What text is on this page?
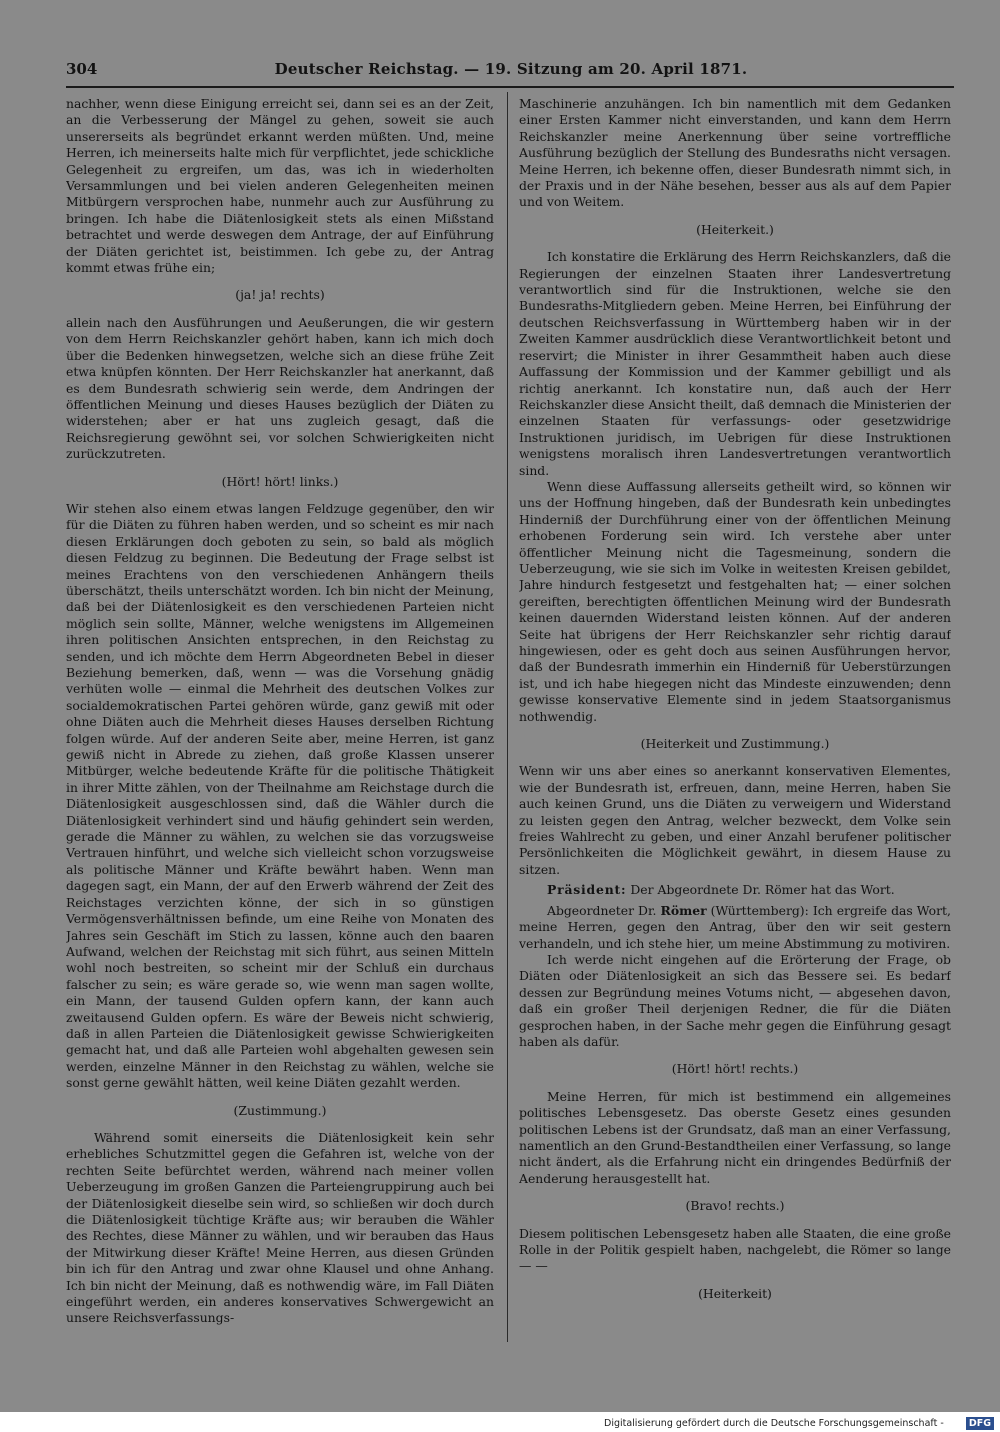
304	Deutscher Reichstag. — 19. Sitzung am 20. April 1871.

nachher, wenn diese Einigung erreicht sei, dann sei es an der Zeit, an die Verbesserung der Mängel zu gehen, soweit sie auch unsererseits als begründet erkannt werden müßten. Und, meine Herren, ich meinerseits halte mich für verpflichtet, jede schickliche Gelegenheit zu ergreifen, um das, was ich in wiederholten Versammlungen und bei vielen anderen Gelegenheiten meinen Mitbürgern versprochen habe, nunmehr auch zur Ausführung zu bringen. Ich habe die Diätenlosigkeit stets als einen Mißstand betrachtet und werde deswegen dem Antrage, der auf Einführung der Diäten gerichtet ist, beistimmen. Ich gebe zu, der Antrag kommt etwas frühe ein;

(ja! ja! rechts)

allein nach den Ausführungen und Aeußerungen, die wir gestern von dem Herrn Reichskanzler gehört haben, kann ich mich doch über die Bedenken hinwegsetzen, welche sich an diese frühe Zeit etwa knüpfen könnten. Der Herr Reichskanzler hat anerkannt, daß es dem Bundesrath schwierig sein werde, dem Andringen der öffentlichen Meinung und dieses Hauses bezüglich der Diäten zu widerstehen; aber er hat uns zugleich gesagt, daß die Reichsregierung gewöhnt sei, vor solchen Schwierigkeiten nicht zurückzutreten.

(Hört! hört! links.)

Wir stehen also einem etwas langen Feldzuge gegenüber, den wir für die Diäten zu führen haben werden, und so scheint es mir nach diesen Erklärungen doch geboten zu sein, so bald als möglich diesen Feldzug zu beginnen. Die Bedeutung der Frage selbst ist meines Erachtens von den verschiedenen Anhängern theils überschätzt, theils unterschätzt worden. Ich bin nicht der Meinung, daß bei der Diätenlosigkeit es den verschiedenen Parteien nicht möglich sein sollte, Männer, welche wenigstens im Allgemeinen ihren politischen Ansichten entsprechen, in den Reichstag zu senden, und ich möchte dem Herrn Abgeordneten Bebel in dieser Beziehung bemerken, daß, wenn — was die Vorsehung gnädig verhüten wolle — einmal die Mehrheit des deutschen Volkes zur socialdemokratischen Partei gehören würde, ganz gewiß mit oder ohne Diäten auch die Mehrheit dieses Hauses derselben Richtung folgen würde. Auf der anderen Seite aber, meine Herren, ist ganz gewiß nicht in Abrede zu ziehen, daß große Klassen unserer Mitbürger, welche bedeutende Kräfte für die politische Thätigkeit in ihrer Mitte zählen, von der Theilnahme am Reichstage durch die Diätenlosigkeit ausgeschlossen sind, daß die Wähler durch die Diätenlosigkeit verhindert sind und häufig gehindert sein werden, gerade die Männer zu wählen, zu welchen sie das vorzugsweise Vertrauen hinführt, und welche sich vielleicht schon vorzugsweise als politische Männer und Kräfte bewährt haben. Wenn man dagegen sagt, ein Mann, der auf den Erwerb während der Zeit des Reichstages verzichten könne, der sich in so günstigen Vermögensverhältnissen befinde, um eine Reihe von Monaten des Jahres sein Geschäft im Stich zu lassen, könne auch den baaren Aufwand, welchen der Reichstag mit sich führt, aus seinen Mitteln wohl noch bestreiten, so scheint mir der Schluß ein durchaus falscher zu sein; es wäre gerade so, wie wenn man sagen wollte, ein Mann, der tausend Gulden opfern kann, der kann auch zweitausend Gulden opfern. Es wäre der Beweis nicht schwierig, daß in allen Parteien die Diätenlosigkeit gewisse Schwierigkeiten gemacht hat, und daß alle Parteien wohl abgehalten gewesen sein werden, einzelne Männer in den Reichstag zu wählen, welche sie sonst gerne gewählt hätten, weil keine Diäten gezahlt werden.

(Zustimmung.)

Während somit einerseits die Diätenlosigkeit kein sehr erhebliches Schutzmittel gegen die Gefahren ist, welche von der rechten Seite befürchtet werden, während nach meiner vollen Ueberzeugung im großen Ganzen die Parteiengruppirung auch bei der Diätenlosigkeit dieselbe sein wird, so schließen wir doch durch die Diätenlosigkeit tüchtige Kräfte aus; wir berauben die Wähler des Rechtes, diese Männer zu wählen, und wir berauben das Haus der Mitwirkung dieser Kräfte! Meine Herren, aus diesen Gründen bin ich für den Antrag und zwar ohne Klausel und ohne Anhang. Ich bin nicht der Meinung, daß es nothwendig wäre, im Fall Diäten eingeführt werden, ein anderes konservatives Schwergewicht an unsere Reichsverfassungs-

Maschinerie anzuhängen. Ich bin namentlich mit dem Gedanken einer Ersten Kammer nicht einverstanden, und kann dem Herrn Reichskanzler meine Anerkennung über seine vortreffliche Ausführung bezüglich der Stellung des Bundesraths nicht versagen. Meine Herren, ich bekenne offen, dieser Bundesrath nimmt sich, in der Praxis und in der Nähe besehen, besser aus als auf dem Papier und von Weitem.

(Heiterkeit.)

Ich konstatire die Erklärung des Herrn Reichskanzlers, daß die Regierungen der einzelnen Staaten ihrer Landesvertretung verantwortlich sind für die Instruktionen, welche sie den Bundesraths-Mitgliedern geben. Meine Herren, bei Einführung der deutschen Reichsverfassung in Württemberg haben wir in der Zweiten Kammer ausdrücklich diese Verantwortlichkeit betont und reservirt; die Minister in ihrer Gesammtheit haben auch diese Auffassung der Kommission und der Kammer gebilligt und als richtig anerkannt. Ich konstatire nun, daß auch der Herr Reichskanzler diese Ansicht theilt, daß demnach die Ministerien der einzelnen Staaten für verfassungs- oder gesetzwidrige Instruktionen juridisch, im Uebrigen für diese Instruktionen wenigstens moralisch ihren Landesvertretungen verantwortlich sind.

Wenn diese Auffassung allerseits getheilt wird, so können wir uns der Hoffnung hingeben, daß der Bundesrath kein unbedingtes Hinderniß der Durchführung einer von der öffentlichen Meinung erhobenen Forderung sein wird. Ich verstehe aber unter öffentlicher Meinung nicht die Tagesmeinung, sondern die Ueberzeugung, wie sie sich im Volke in weitesten Kreisen gebildet, Jahre hindurch festgesetzt und festgehalten hat; — einer solchen gereiften, berechtigten öffentlichen Meinung wird der Bundesrath keinen dauernden Widerstand leisten können. Auf der anderen Seite hat übrigens der Herr Reichskanzler sehr richtig darauf hingewiesen, oder es geht doch aus seinen Ausführungen hervor, daß der Bundesrath immerhin ein Hinderniß für Ueberstürzungen ist, und ich habe hiegegen nicht das Mindeste einzuwenden; denn gewisse konservative Elemente sind in jedem Staatsorganismus nothwendig.

(Heiterkeit und Zustimmung.)

Wenn wir uns aber eines so anerkannt konservativen Elementes, wie der Bundesrath ist, erfreuen, dann, meine Herren, haben Sie auch keinen Grund, uns die Diäten zu verweigern und Widerstand zu leisten gegen den Antrag, welcher bezweckt, dem Volke sein freies Wahlrecht zu geben, und einer Anzahl berufener politischer Persönlichkeiten die Möglichkeit gewährt, in diesem Hause zu sitzen.

Präsident: Der Abgeordnete Dr. Römer hat das Wort.

Abgeordneter Dr. Römer (Württemberg): Ich ergreife das Wort, meine Herren, gegen den Antrag, über den wir seit gestern verhandeln, und ich stehe hier, um meine Abstimmung zu motiviren.

Ich werde nicht eingehen auf die Erörterung der Frage, ob Diäten oder Diätenlosigkeit an sich das Bessere sei. Es bedarf dessen zur Begründung meines Votums nicht, — abgesehen davon, daß ein großer Theil derjenigen Redner, die für die Diäten gesprochen haben, in der Sache mehr gegen die Einführung gesagt haben als dafür.

(Hört! hört! rechts.)

Meine Herren, für mich ist bestimmend ein allgemeines politisches Lebensgesetz. Das oberste Gesetz eines gesunden politischen Lebens ist der Grundsatz, daß man an einer Verfassung, namentlich an den Grund-Bestandtheilen einer Verfassung, so lange nicht ändert, als die Erfahrung nicht ein dringendes Bedürfniß der Aenderung herausgestellt hat.

(Bravo! rechts.)

Diesem politischen Lebensgesetz haben alle Staaten, die eine große Rolle in der Politik gespielt haben, nachgelebt, die Römer so lange — —

(Heiterkeit)

Digitalisierung gefördert durch die Deutsche Forschungsgemeinschaft -	DFG
